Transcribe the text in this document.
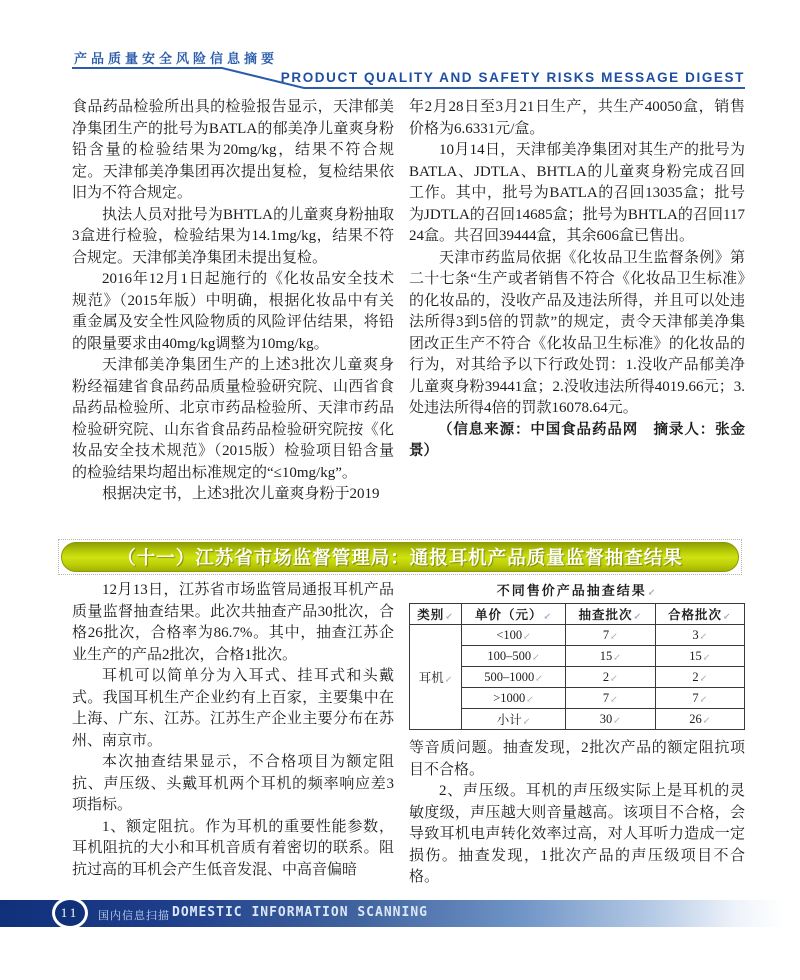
产品质量安全风险信息摘要
PRODUCT QUALITY AND SAFETY RISKS MESSAGE DIGEST

食品药品检验所出具的检验报告显示，天津郁美净集团生产的批号为BATLA的郁美净儿童爽身粉铅含量的检验结果为20mg/kg，结果不符合规定。天津郁美净集团再次提出复检，复检结果依旧为不符合规定。

执法人员对批号为BHTLA的儿童爽身粉抽取3盒进行检验，检验结果为14.1mg/kg，结果不符合规定。天津郁美净集团未提出复检。

2016年12月1日起施行的《化妆品安全技术规范》（2015年版）中明确，根据化妆品中有关重金属及安全性风险物质的风险评估结果，将铅的限量要求由40mg/kg调整为10mg/kg。

天津郁美净集团生产的上述3批次儿童爽身粉经福建省食品药品质量检验研究院、山西省食品药品检验所、北京市药品检验所、天津市药品检验研究院、山东省食品药品检验研究院按《化妆品安全技术规范》（2015版）检验项目铅含量的检验结果均超出标准规定的“≤10mg/kg”。

根据决定书，上述3批次儿童爽身粉于2019

年2月28日至3月21日生产，共生产40050盒，销售价格为6.6331元/盒。

10月14日，天津郁美净集团对其生产的批号为BATLA、JDTLA、BHTLA的儿童爽身粉完成召回工作。其中，批号为BATLA的召回13035盒；批号为JDTLA的召回14685盒；批号为BHTLA的召回11724盒。共召回39444盒，其余606盒已售出。

天津市药监局依据《化妆品卫生监督条例》第二十七条“生产或者销售不符合《化妆品卫生标准》的化妆品的，没收产品及违法所得，并且可以处违法所得3到5倍的罚款”的规定，责令天津郁美净集团改正生产不符合《化妆品卫生标准》的化妆品的行为，对其给予以下行政处罚：1.没收产品郁美净儿童爽身粉39441盒；2.没收违法所得4019.66元；3.处违法所得4倍的罚款16078.64元。

（信息来源：中国食品药品网　摘录人：张金景）

（十一）江苏省市场监督管理局：通报耳机产品质量监督抽查结果

12月13日，江苏省市场监管局通报耳机产品质量监督抽查结果。此次共抽查产品30批次，合格26批次，合格率为86.7%。其中，抽查江苏企业生产的产品2批次，合格1批次。

耳机可以简单分为入耳式、挂耳式和头戴式。我国耳机生产企业约有上百家，主要集中在上海、广东、江苏。江苏生产企业主要分布在苏州、南京市。

本次抽查结果显示，不合格项目为额定阻抗、声压级、头戴耳机两个耳机的频率响应差3项指标。

1、额定阻抗。作为耳机的重要性能参数，耳机阻抗的大小和耳机音质有着密切的联系。阻抗过高的耳机会产生低音发混、中高音偏暗

不同售价产品抽查结果↙
类别↙	单价（元）↙	抽查批次↙	合格批次↙
耳机↙	<100↙	7↙	3↙
	100–500↙	15↙	15↙
	500–1000↙	2↙	2↙
	>1000↙	7↙	7↙
	小计↙	30↙	26↙

等音质问题。抽查发现，2批次产品的额定阻抗项目不合格。

2、声压级。耳机的声压级实际上是耳机的灵敏度级，声压越大则音量越高。该项目不合格，会导致耳机电声转化效率过高，对人耳听力造成一定损伤。抽查发现，1批次产品的声压级项目不合格。

11 国内信息扫描 DOMESTIC INFORMATION SCANNING
